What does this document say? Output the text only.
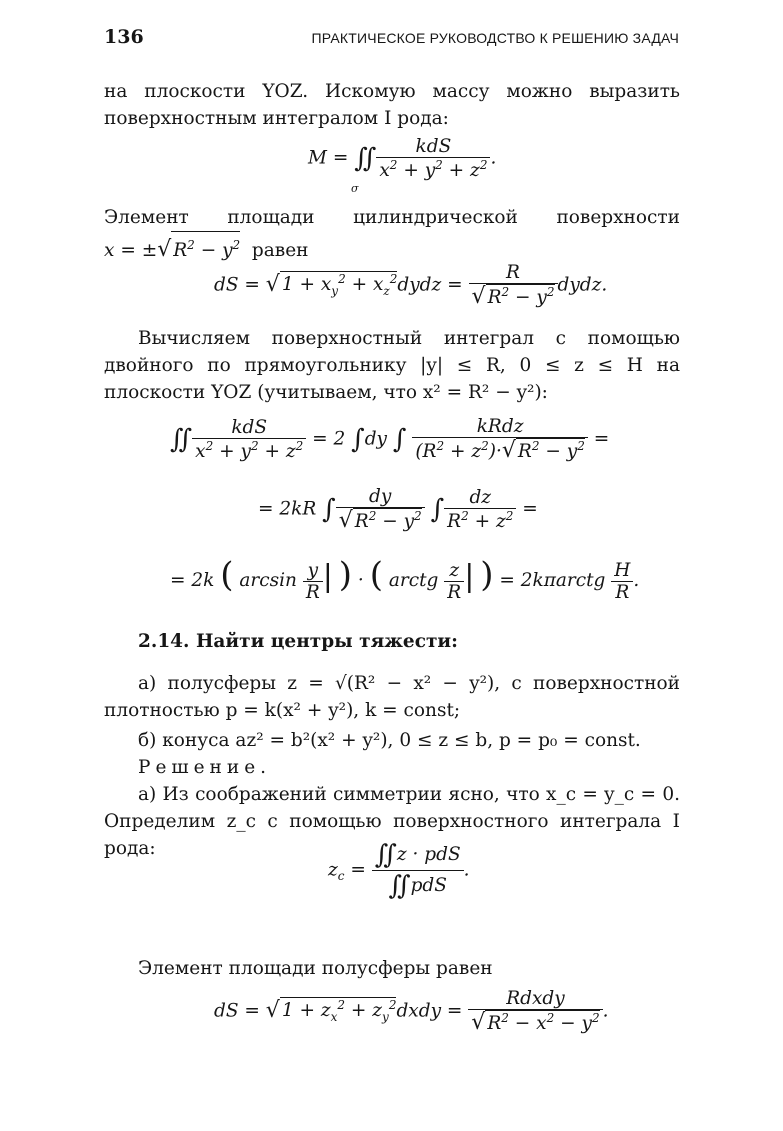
136	ПРАКТИЧЕСКОЕ РУКОВОДСТВО К РЕШЕНИЮ ЗАДАЧ
на плоскости YOZ. Искомую массу можно выразить поверхностным интегралом I рода:
M = ∬ $\frac{\text{kdS}}{x^2 + y^2 + z^2}$ .
σ
Элемент площади цилиндрической поверхности
x = ±√ $R^2 - y^2$  равен
dS = √ $1 + x_y^2$ + $x_z^2dydz = \frac{R}{√ R^2 - y^2}$ dydz.
Вычисляем поверхностный интеграл с помощью двойного по прямоугольнику |y| ≤ R, 0 ≤ z ≤ H на плоскости YOZ (учитываем, что x² = R² − y²):
∬ $\frac{\text{kdS}}{x^2 + y^2 + z^2} = 2$ ∫dy ∫ $\frac{\text{kRdz}}{(R^2 + z^2)\cdot√ R^2 - y^2}$ =
= 2kR ∫ $\frac{dy}{√ R^2 - y^2}$ ∫ $\frac{dz}{R^2 + z^2}$ =
= 2k ( $\arcsin \frac{y}{R}$ | ) · ( arctg $\frac{z}{R}$ | ) = 2kπarctg $\frac{H}{R}$ .
2.14. Найти центры тяжести:
а) полусферы z = √(R² − x² − y²), с поверхностной плотностью p = k(x² + y²), k = const;
б) конуса az² = b²(x² + y²), 0 ≤ z ≤ b, p = p₀ = const.
Решение.
а) Из соображений симметрии ясно, что x_c = y_c = 0. Определим z_c с помощью поверхностного интеграла I рода:
$z_c = \frac{\text{∬z · pdS}}{\text{∬pdS}}$ .
Элемент площади полусферы равен
dS = √ $1 + z_x^2$ + $z_y^2dxdy = \frac{\text{Rdxdy}}{√ R^2 - x^2 - y^2}$ .
